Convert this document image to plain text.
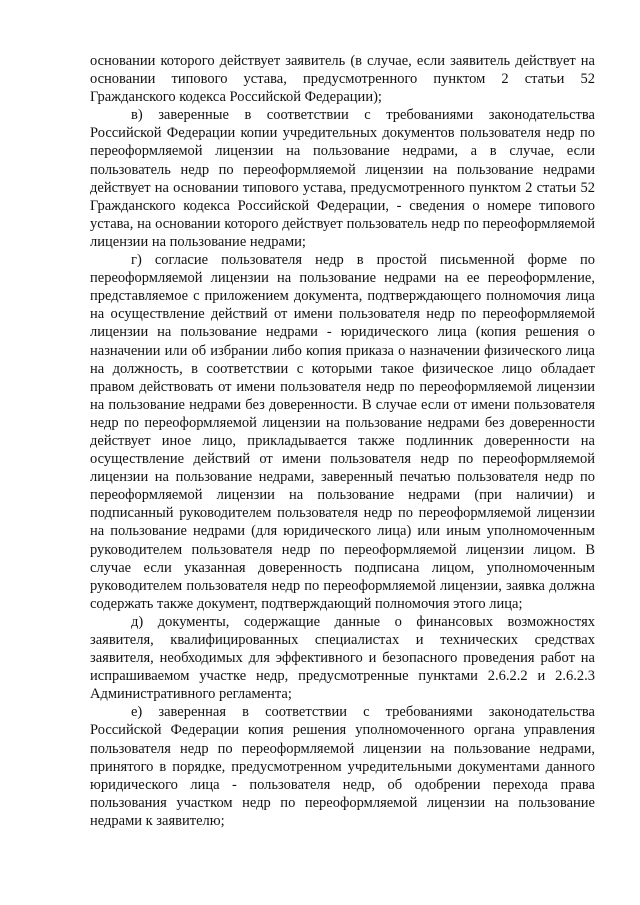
основании которого действует заявитель (в случае, если заявитель действует на основании типового устава, предусмотренного пунктом 2 статьи 52 Гражданского кодекса Российской Федерации);

в) заверенные в соответствии с требованиями законодательства Российской Федерации копии учредительных документов пользователя недр по переоформляемой лицензии на пользование недрами, а в случае, если пользователь недр по переоформляемой лицензии на пользование недрами действует на основании типового устава, предусмотренного пунктом 2 статьи 52 Гражданского кодекса Российской Федерации, - сведения о номере типового устава, на основании которого действует пользователь недр по переоформляемой лицензии на пользование недрами;

г) согласие пользователя недр в простой письменной форме по переоформляемой лицензии на пользование недрами на ее переоформление, представляемое с приложением документа, подтверждающего полномочия лица на осуществление действий от имени пользователя недр по переоформляемой лицензии на пользование недрами - юридического лица (копия решения о назначении или об избрании либо копия приказа о назначении физического лица на должность, в соответствии с которыми такое физическое лицо обладает правом действовать от имени пользователя недр по переоформляемой лицензии на пользование недрами без доверенности. В случае если от имени пользователя недр по переоформляемой лицензии на пользование недрами без доверенности действует иное лицо, прикладывается также подлинник доверенности на осуществление действий от имени пользователя недр по переоформляемой лицензии на пользование недрами, заверенный печатью пользователя недр по переоформляемой лицензии на пользование недрами (при наличии) и подписанный руководителем пользователя недр по переоформляемой лицензии на пользование недрами (для юридического лица) или иным уполномоченным руководителем пользователя недр по переоформляемой лицензии лицом. В случае если указанная доверенность подписана лицом, уполномоченным руководителем пользователя недр по переоформляемой лицензии, заявка должна содержать также документ, подтверждающий полномочия этого лица;

д) документы, содержащие данные о финансовых возможностях заявителя, квалифицированных специалистах и технических средствах заявителя, необходимых для эффективного и безопасного проведения работ на испрашиваемом участке недр, предусмотренные пунктами 2.6.2.2 и 2.6.2.3 Административного регламента;

е) заверенная в соответствии с требованиями законодательства Российской Федерации копия решения уполномоченного органа управления пользователя недр по переоформляемой лицензии на пользование недрами, принятого в порядке, предусмотренном учредительными документами данного юридического лица - пользователя недр, об одобрении перехода права пользования участком недр по переоформляемой лицензии на пользование недрами к заявителю;
